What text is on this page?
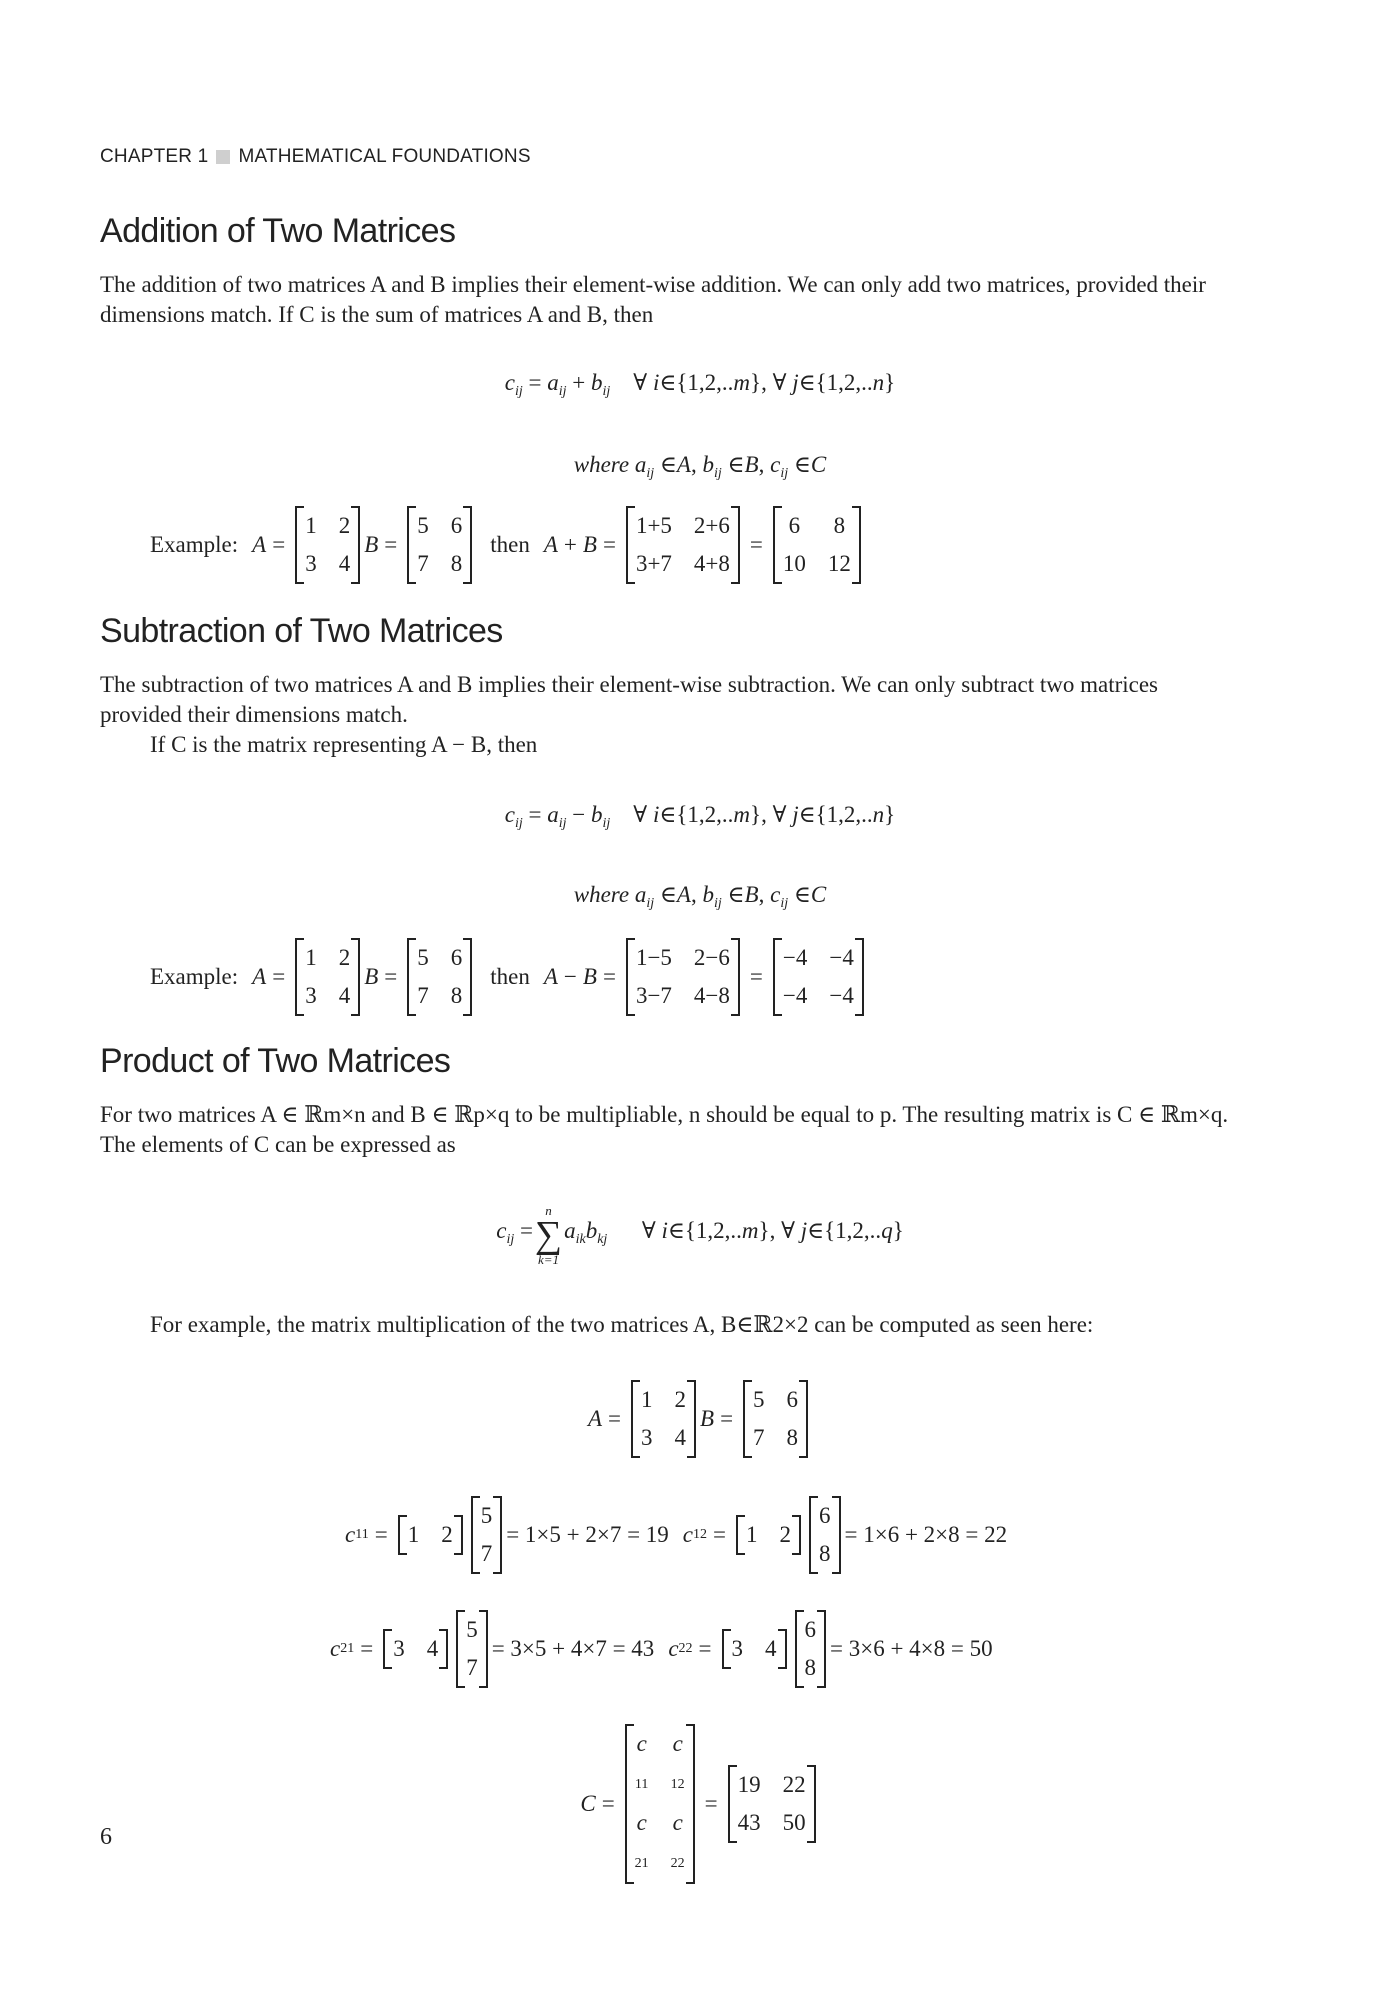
CHAPTER 1 MATHEMATICAL FOUNDATIONS
Addition of Two Matrices

The addition of two matrices A and B implies their element-wise addition. We can only add two matrices, provided their dimensions match. If C is the sum of matrices A and B, then

$c_{ij} = a_{ij} + b_{ij}$    ∀ i∈{1,2,..m}, ∀ j∈{1,2,..n}
where $a_{ij}$ ∈A, $b_{ij}$ ∈B, $c_{ij}$ ∈C
Example: A =
1 2
3 4
B =
5 6
7 8
then A + B =
1+5 2+6
3+7 4+8
=
6 8
10 12
Subtraction of Two Matrices

The subtraction of two matrices A and B implies their element-wise subtraction. We can only subtract two matrices provided their dimensions match.

If C is the matrix representing A − B, then

$c_{ij} = a_{ij} - b_{ij}$    ∀ i∈{1,2,..m}, ∀ j∈{1,2,..n}
where $a_{ij}$ ∈A, $b_{ij}$ ∈B, $c_{ij}$ ∈C
Example: A =
1 2
3 4
B =
5 6
7 8
then A − B =
1−5 2−6
3−7 4−8
=
−4 −4
−4 −4
Product of Two Matrices

For two matrices A ∈ ℝm×n and B ∈ ℝp×q to be multipliable, n should be equal to p. The resulting matrix is C ∈ ℝm×q. The elements of C can be expressed as

$c_{ij}$ =
n
∑
k=1
$a_{ik}b_{kj}$      ∀ i∈{1,2,..m}, ∀ j∈{1,2,..q}

For example, the matrix multiplication of the two matrices A, B∈ℝ2×2 can be computed as seen here:

A =
1 2
3 4
B =
5 6
7 8
c 11 = 1 2
5
7
= 1×5 + 2×7 = 19 c 12 = 1 2
6
8
= 1×6 + 2×8 = 22
c 21 = 3 4
5
7
= 3×5 + 4×7 = 43 c 22 = 3 4
6
8
= 3×6 + 4×8 = 50
C =
c
$_{11}$
c
$_{12}$
c
$_{21}$
c
$_{22}$
=
19 22
43 50
6
